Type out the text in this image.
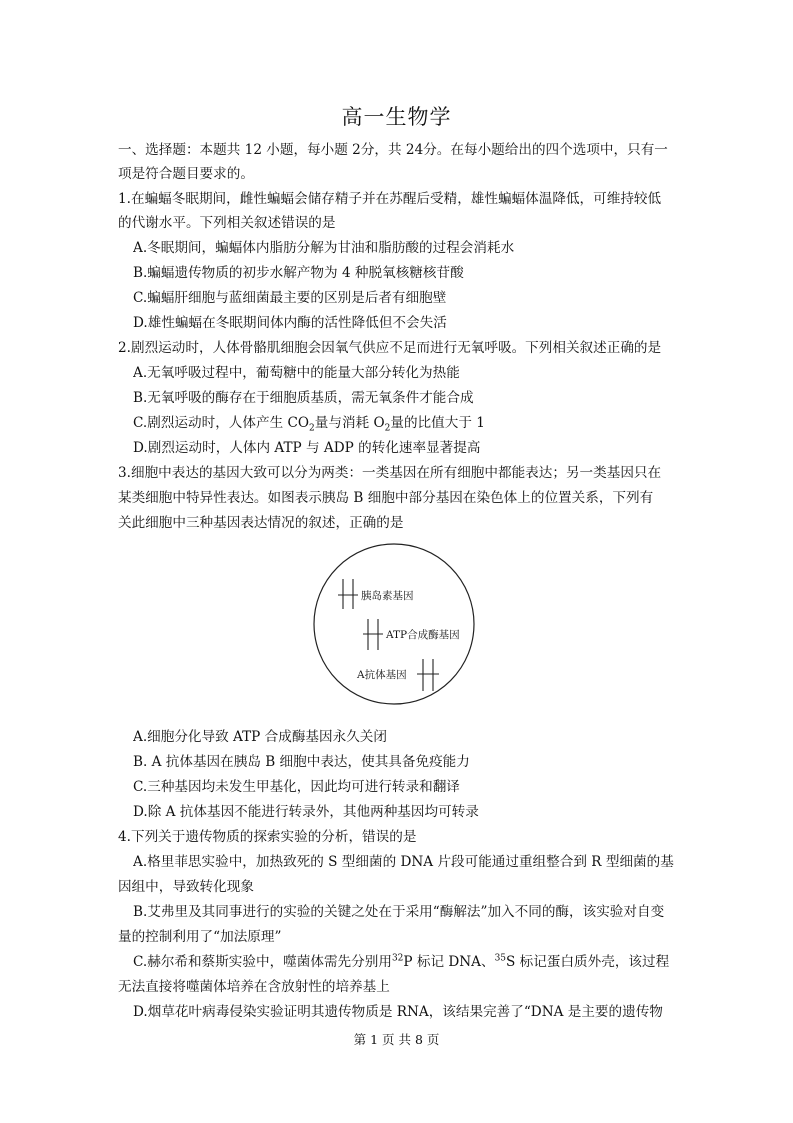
高一生物学
一、选择题：本题共 12 小题，每小题 2分，共 24分。在每小题给出的四个选项中，只有一
项是符合题目要求的。
1.在蝙蝠冬眠期间，雌性蝙蝠会储存精子并在苏醒后受精，雄性蝙蝠体温降低，可维持较低
的代谢水平。下列相关叙述错误的是
A.冬眠期间，蝙蝠体内脂肪分解为甘油和脂肪酸的过程会消耗水
B.蝙蝠遗传物质的初步水解产物为 4 种脱氧核糖核苷酸
C.蝙蝠肝细胞与蓝细菌最主要的区别是后者有细胞壁
D.雄性蝙蝠在冬眠期间体内酶的活性降低但不会失活
2.剧烈运动时，人体骨骼肌细胞会因氧气供应不足而进行无氧呼吸。下列相关叙述正确的是
A.无氧呼吸过程中，葡萄糖中的能量大部分转化为热能
B.无氧呼吸的酶存在于细胞质基质，需无氧条件才能合成
C.剧烈运动时，人体产生 $CO_2$量与消耗 $O_2$量的比值大于 1
D.剧烈运动时，人体内 ATP 与 ADP 的转化速率显著提高
3.细胞中表达的基因大致可以分为两类：一类基因在所有细胞中都能表达；另一类基因只在
某类细胞中特异性表达。如图表示胰岛 B 细胞中部分基因在染色体上的位置关系，下列有
关此细胞中三种基因表达情况的叙述，正确的是
胰岛素基因
ATP合成酶基因
A抗体基因
A.细胞分化导致 ATP 合成酶基因永久关闭
B. A 抗体基因在胰岛 B 细胞中表达，使其具备免疫能力
C.三种基因均未发生甲基化，因此均可进行转录和翻译
D.除 A 抗体基因不能进行转录外，其他两种基因均可转录
4.下列关于遗传物质的探索实验的分析，错误的是
A.格里菲思实验中，加热致死的 S 型细菌的 DNA 片段可能通过重组整合到 R 型细菌的基
因组中，导致转化现象
B.艾弗里及其同事进行的实验的关键之处在于采用“酶解法”加入不同的酶，该实验对自变
量的控制利用了“加法原理”
C.赫尔希和蔡斯实验中，噬菌体需先分别用$^{32}$P 标记 DNA、$^{35}$S 标记蛋白质外壳，该过程
无法直接将噬菌体培养在含放射性的培养基上
D.烟草花叶病毒侵染实验证明其遗传物质是 RNA，该结果完善了“DNA 是主要的遗传物
第 1 页 共 8 页
